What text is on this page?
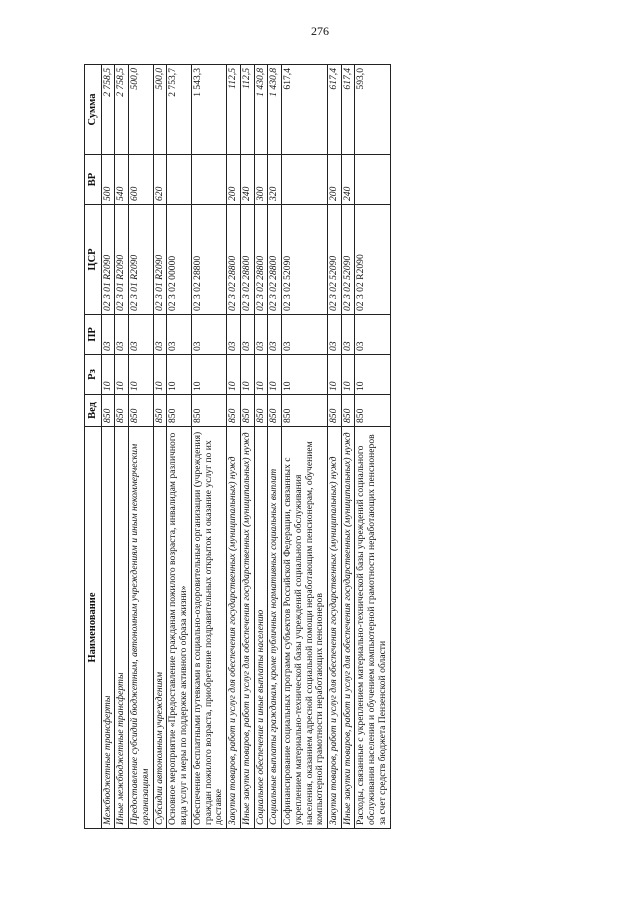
276
Наименование	Вед	Рз	ПР	ЦСР	ВР	Сумма
Межбюджетные трансферты	850	10	03	02 3 01 R2090	500	2 758,5
Иные межбюджетные трансферты	850	10	03	02 3 01 R2090	540	2 758,5
Предоставление субсидий бюджетным, автономным учреждениям и иным некоммерческим организациям	850	10	03	02 3 01 R2090	600	500,0
Субсидии автономным учреждениям	850	10	03	02 3 01 R2090	620	500,0
Основное мероприятие «Предоставление гражданам пожилого возраста, инвалидам различного вида услуг и меры по поддержке активного образа жизни»	850	10	03	02 3 02 00000		2 753,7
Обеспечение бесплатными путевками в социально-оздоровительные организации (учреждения) граждан пожилого возраста, приобретение поздравительных открыток и оказание услуг по их доставке	850	10	03	02 3 02 28800		1 543,3
Закупка товаров, работ и услуг для обеспечения государственных (муниципальных) нужд	850	10	03	02 3 02 28800	200	112,5
Иные закупки товаров, работ и услуг для обеспечения государственных (муниципальных) нужд	850	10	03	02 3 02 28800	240	112,5
Социальное обеспечение и иные выплаты населению	850	10	03	02 3 02 28800	300	1 430,8
Социальные выплаты гражданам, кроме публичных нормативных социальных выплат	850	10	03	02 3 02 28800	320	1 430,8
Софинансирование социальных программ субъектов Российской Федерации, связанных с укреплением материально-технической базы учреждений социального обслуживания населения, оказанием адресной социальной помощи неработающим пенсионерам, обучением компьютерной грамотности неработающих пенсионеров	850	10	03	02 3 02 52090		617,4
Закупка товаров, работ и услуг для обеспечения государственных (муниципальных) нужд	850	10	03	02 3 02 52090	200	617,4
Иные закупки товаров, работ и услуг для обеспечения государственных (муниципальных) нужд	850	10	03	02 3 02 52090	240	617,4
Расходы, связанные с укреплением материально-технической базы учреждений социального обслуживания населения и обучением компьютерной грамотности неработающих пенсионеров за счет средств бюджета Пензенской области	850	10	03	02 3 02 R2090		593,0
